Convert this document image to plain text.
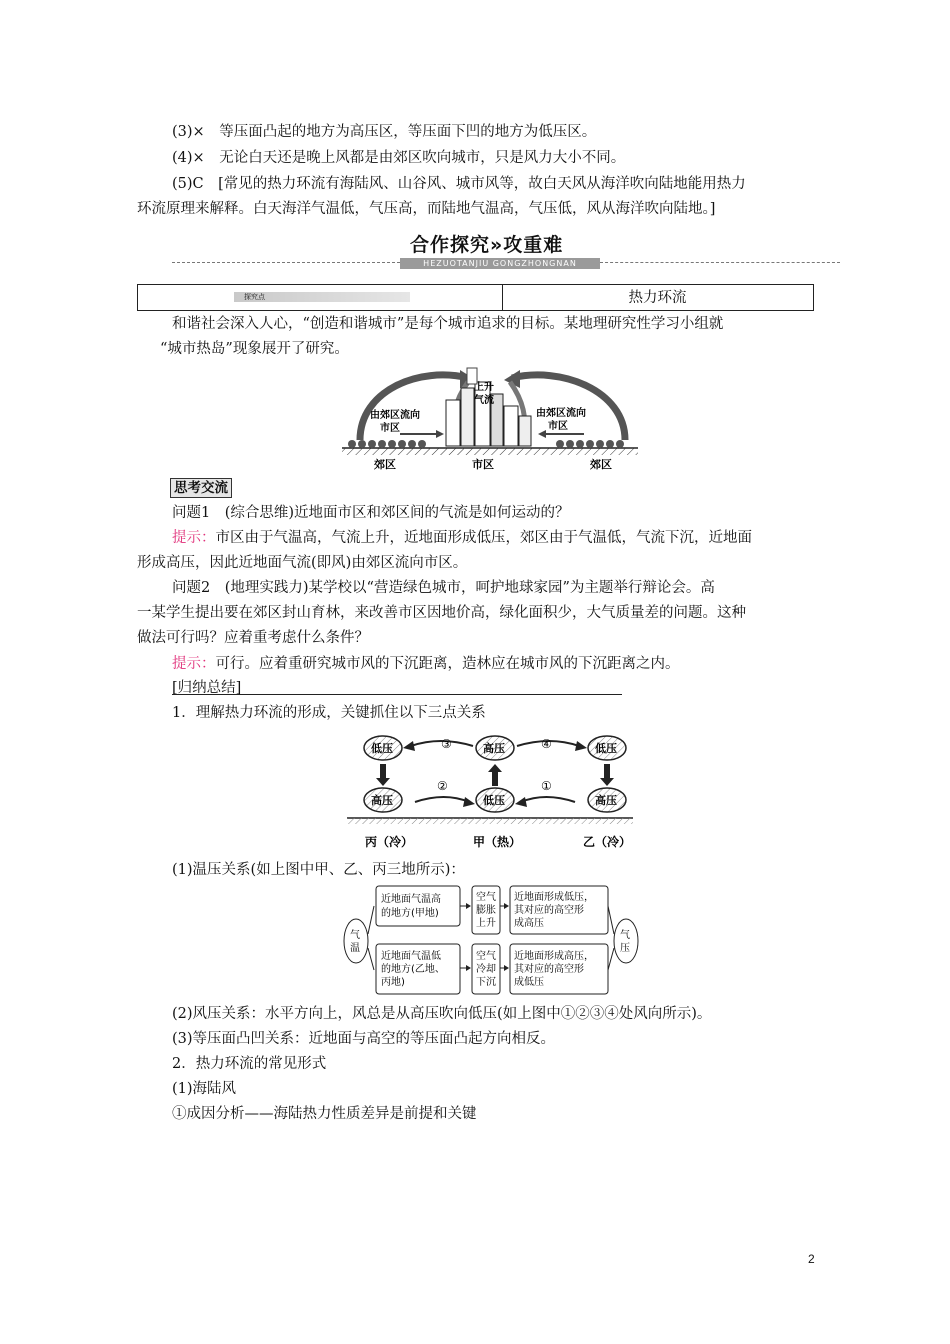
(3)×　 等压面凸起的地方为高压区，等压面下凹的地方为低压区。
(4)×　 无论白天还是晚上风都是由郊区吹向城市，只是风力大小不同。
(5)C　 [常见的热力环流有海陆风、山谷风、城市风等，故白天风从海洋吹向陆地能用热力
环流原理来解释。白天海洋气温低，气压高，而陆地气温高，气压低，风从海洋吹向陆地。]
合作探究»攻重难
HEZUOTANJIU GONGZHONGNAN
探究点	热力环流
和谐社会深入人心，“创造和谐城市”是每个城市追求的目标。某地理研究性学习小组就
“城市热岛”现象展开了研究。
由郊区流向
市区
由郊区流向
市区
上升
气流
郊区	市区	郊区
思考交流
问题1　(综合思维)近地面市区和郊区间的气流是如何运动的？
提示：市区由于气温高，气流上升，近地面形成低压，郊区由于气温低，气流下沉，近地面
形成高压，因此近地面气流(即风)由郊区流向市区。
问题2　(地理实践力)某学校以“营造绿色城市，呵护地球家园”为主题举行辩论会。高
一某学生提出要在郊区封山育林，来改善市区因地价高，绿化面积少，大气质量差的问题。这种
做法可行吗？应着重考虑什么条件？
提示：可行。应着重研究城市风的下沉距离，造林应在城市风的下沉距离之内。
[归纳总结]
1．理解热力环流的形成，关键抓住以下三点关系
低压	高压	低压
高压	低压	高压
③	④
②	①
丙（冷）	甲（热）	乙（冷）
(1)温压关系(如上图中甲、乙、丙三地所示)：
气
温
气
压
近地面气温高
的地方(甲地)
空气
膨胀
上升
近地面形成低压，
其对应的高空形
成高压
近地面气温低
的地方(乙地、
丙地)
空气
冷却
下沉
近地面形成高压，
其对应的高空形
成低压
(2)风压关系：水平方向上，风总是从高压吹向低压(如上图中①②③④处风向所示)。
(3)等压面凸凹关系：近地面与高空的等压面凸起方向相反。
2．热力环流的常见形式
(1)海陆风
①成因分析——海陆热力性质差异是前提和关键
2
